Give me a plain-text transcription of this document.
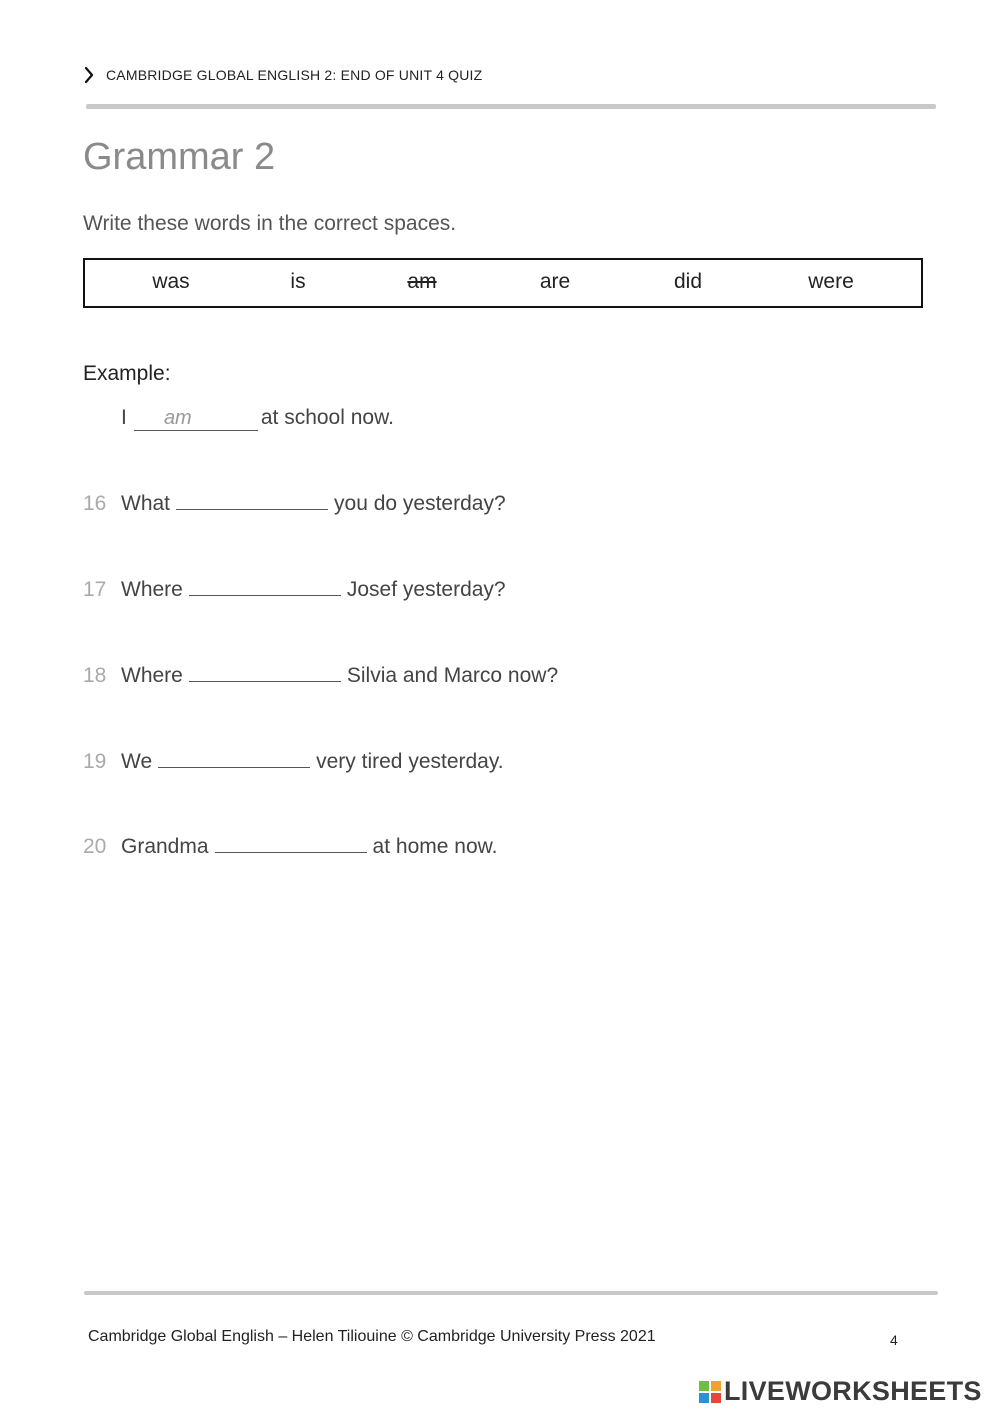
CAMBRIDGE GLOBAL ENGLISH 2: END OF UNIT 4 QUIZ
Grammar 2
Write these words in the correct spaces.
was	is	am	are	did	were
Example:
I	am	at school now.
16 What	you do yesterday?
17 Where	Josef yesterday?
18 Where	Silvia and Marco now?
19 We	very tired yesterday.
20 Grandma	at home now.
Cambridge Global English – Helen Tiliouine © Cambridge University Press 2021	4
LIVEWORKSHEETS
